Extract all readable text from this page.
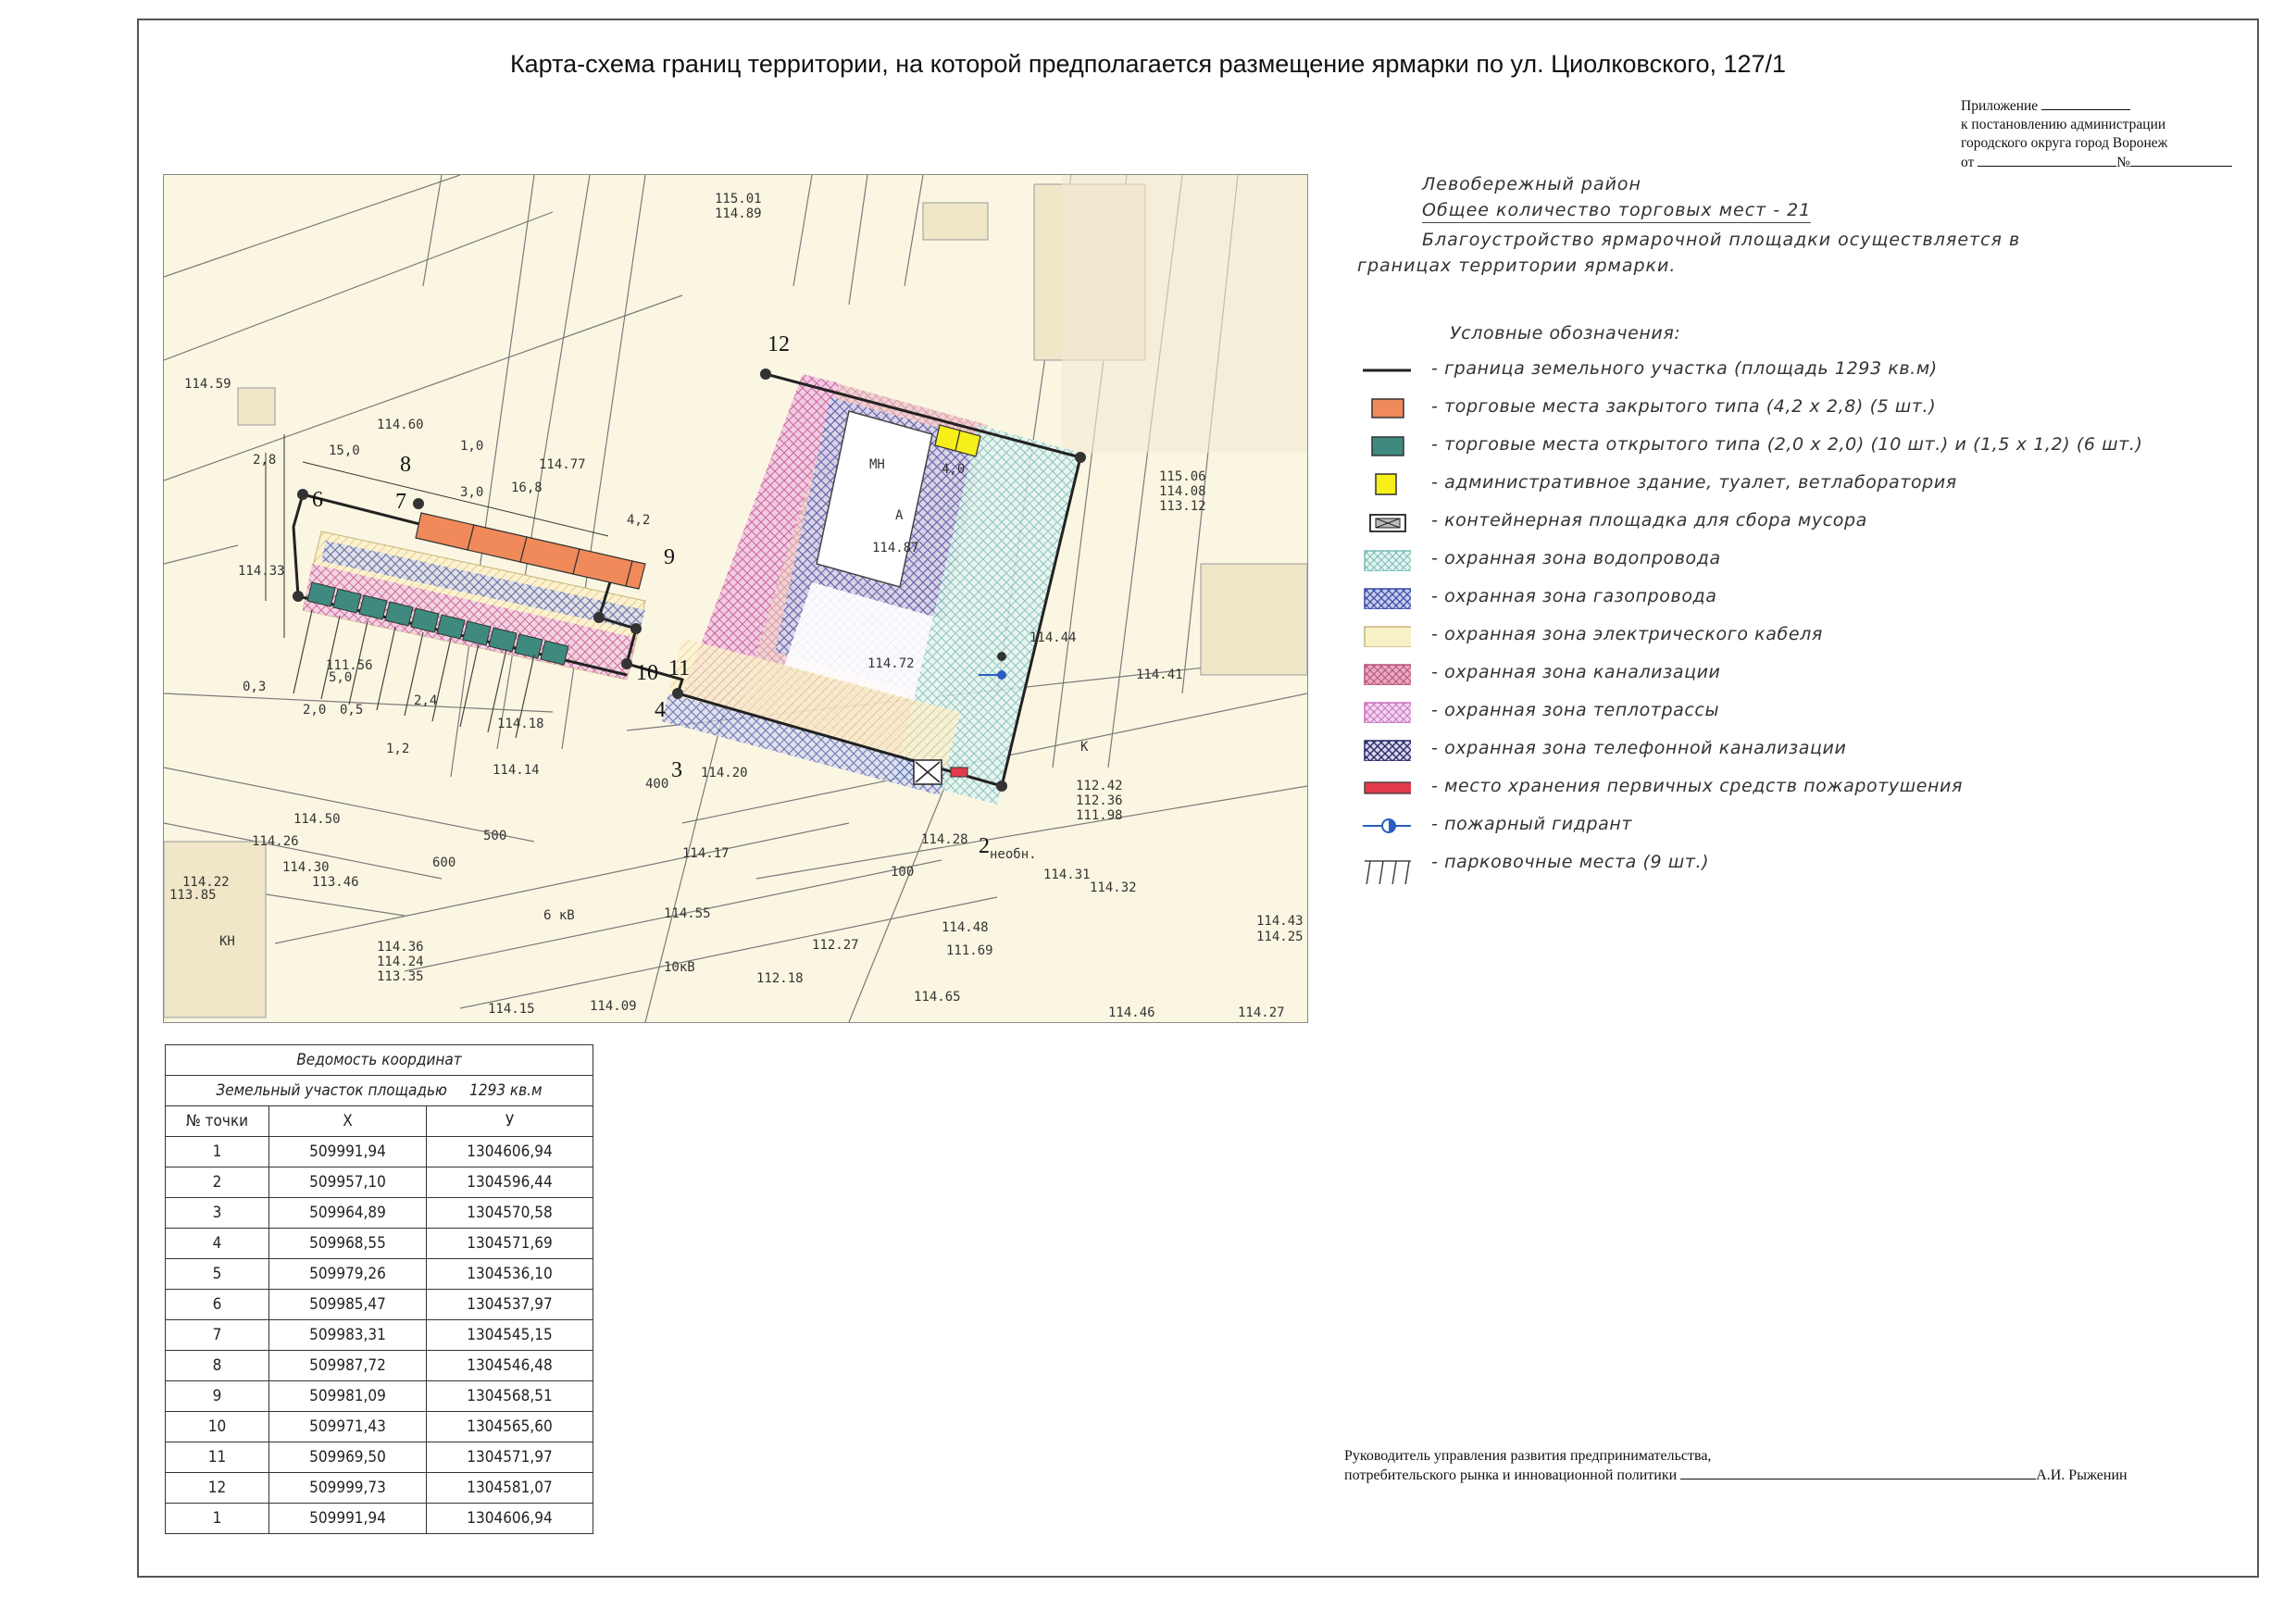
Карта-схема границ территории, на которой предполагается размещение ярмарки по ул. Циолковского, 127/1
Приложение
к постановлению администрации
городского округа город Воронеж
от	№
12
2
3
4
6	7
8
9
10 11
1,0
3,0 16,8
4,2
15,0
2,8
5,0
0,3
0,5
2,4
2,0
1,2
4,0
114.60
114.77
114.59
115.01
114.89
114.87
114.72
114.44
114.41
114.20
114.17
114.26
114.30
114.50
114.48
114.55
114.33
114.18
114.14
114.28
114.31
114.32
114.43
114.25
114.46	114.27
115.06
114.08
113.12
112.42
112.36
111.98
112.27
112.18
111.69
114.65
114.09
113.85
114.22	113.46
114.36
114.24
113.35
114.15
111.56
МН
А
КН
необн.
6 кВ
10кВ
К
500
600
400
100
Левобережный район
Общее количество торговых мест - 21
Благоустройство ярмарочной площадки осуществляется в
границах территории ярмарки.
Условные обозначения:
- граница земельного участка (площадь 1293 кв.м)
- торговые места закрытого типа (4,2 х 2,8) (5 шт.)
- торговые места открытого типа (2,0 х 2,0) (10 шт.) и (1,5 х 1,2) (6 шт.)
- административное здание, туалет, ветлаборатория
- контейнерная площадка для сбора мусора
- охранная зона водопровода
- охранная зона газопровода
- охранная зона электрического кабеля
- охранная зона канализации
- охранная зона теплотрассы
- охранная зона телефонной канализации
- место хранения первичных средств пожаротушения
- пожарный гидрант
- парковочные места (9 шт.)
Ведомость координат		
Земельный участок площадью 1293 кв.м		
№ точки	X	У
1	509991,94	1304606,94
2	509957,10	1304596,44
3	509964,89	1304570,58
4	509968,55	1304571,69
5	509979,26	1304536,10
6	509985,47	1304537,97
7	509983,31	1304545,15
8	509987,72	1304546,48
9	509981,09	1304568,51
10	509971,43	1304565,60
11	509969,50	1304571,97
12	509999,73	1304581,07
1	509991,94	1304606,94
Руководитель управления развития предпринимательства,
потребительского рынка и инновационной политики	А.И. Рыженин
